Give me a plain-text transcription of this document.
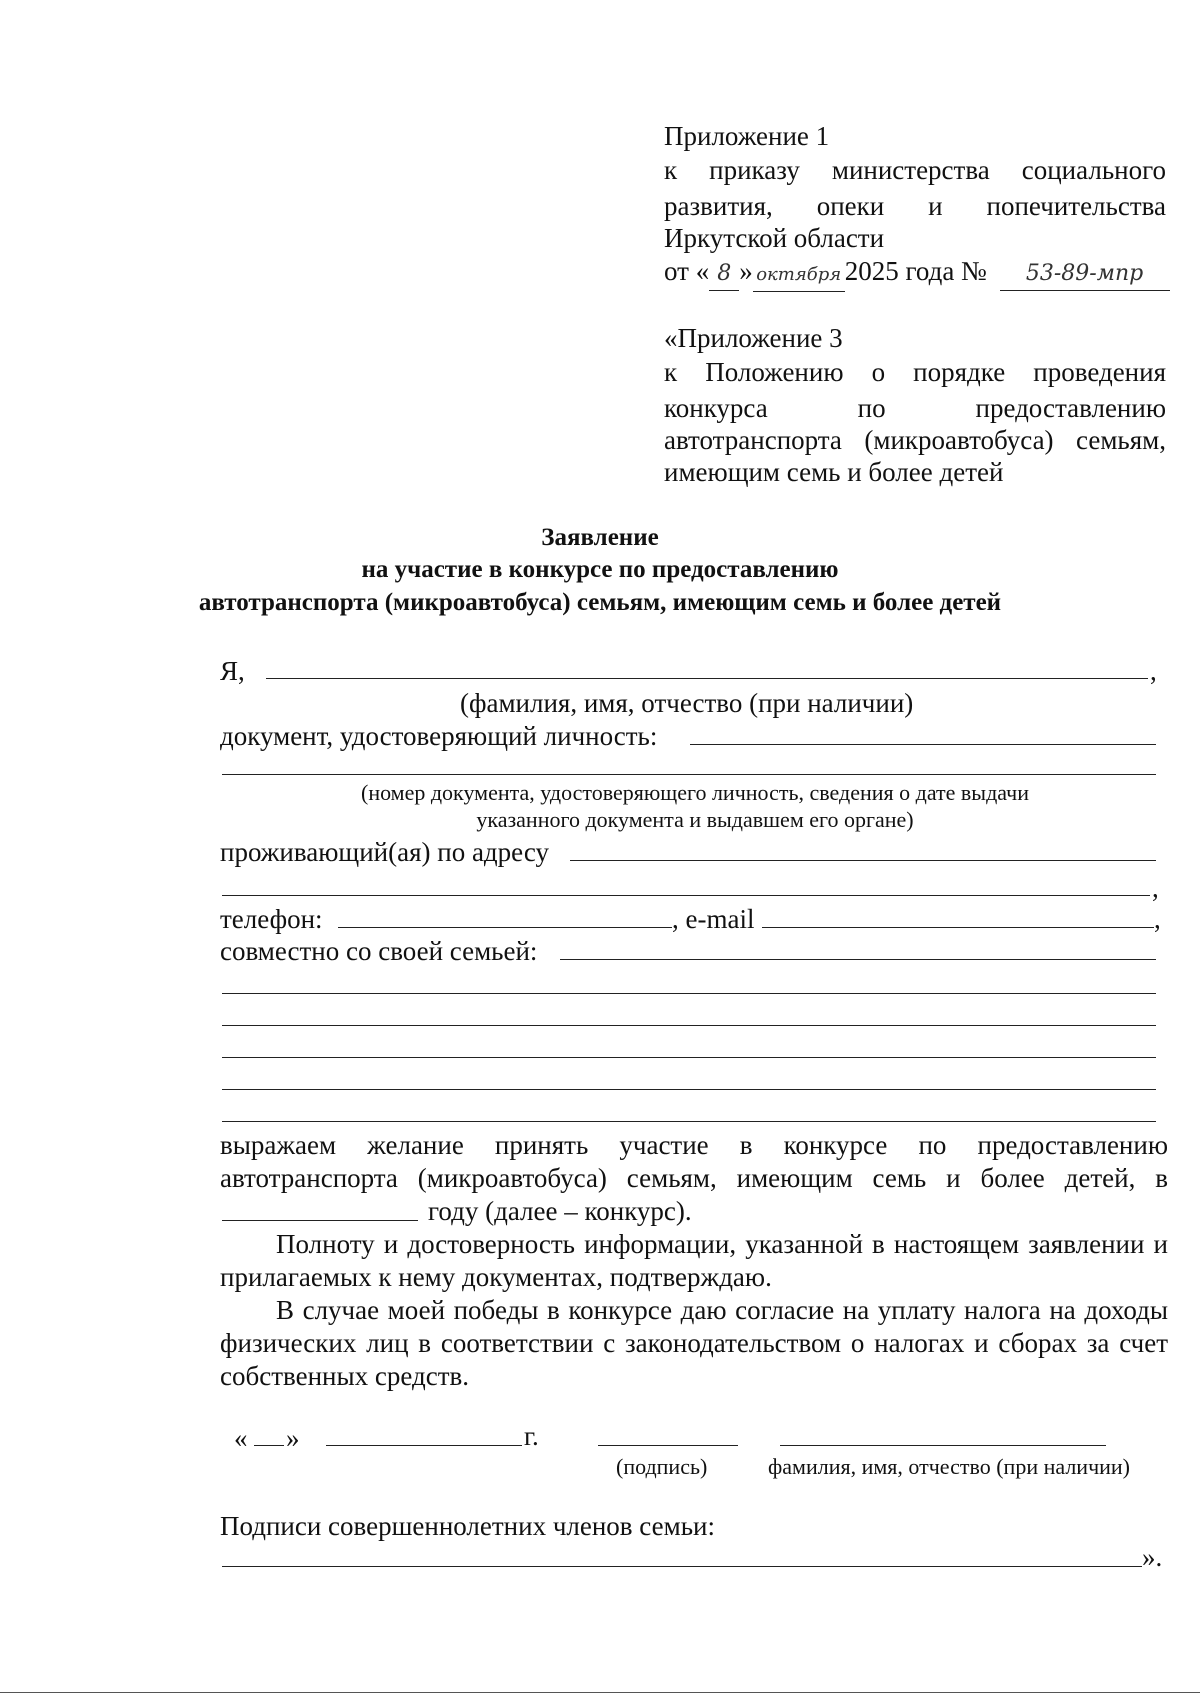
Приложение 1
к приказу министерства социального
развития, опеки и попечительства
Иркутской области
от « 8 » октября 2025 года № 53-89-мпр
«Приложение 3
к Положению о порядке проведения
конкурса по предоставлению
автотранспорта (микроавтобуса) семьям,
имеющим семь и более детей
Заявление
на участие в конкурсе по предоставлению
автотранспорта (микроавтобуса) семьям, имеющим семь и более детей
Я,	,
(фамилия, имя, отчество (при наличии)
документ, удостоверяющий личность:
(номер документа, удостоверяющего личность, сведения о дате выдачи
указанного документа и выдавшем его органе)
проживающий(ая) по адресу
,
телефон:	, e-mail	,
совместно со своей семьей:
выражаем желание принять участие в конкурсе по предоставлению
автотранспорта (микроавтобуса) семьям, имеющим семь и более детей, в
году (далее – конкурс).
Полноту и достоверность информации, указанной в настоящем заявлении и прилагаемых к нему документах, подтверждаю.
В случае моей победы в конкурсе даю согласие на уплату налога на доходы физических лиц в соответствии с законодательством о налогах и сборах за счет собственных средств.
« »	г.
(подпись)	фамилия, имя, отчество (при наличии)
Подписи совершеннолетних членов семьи:
».
